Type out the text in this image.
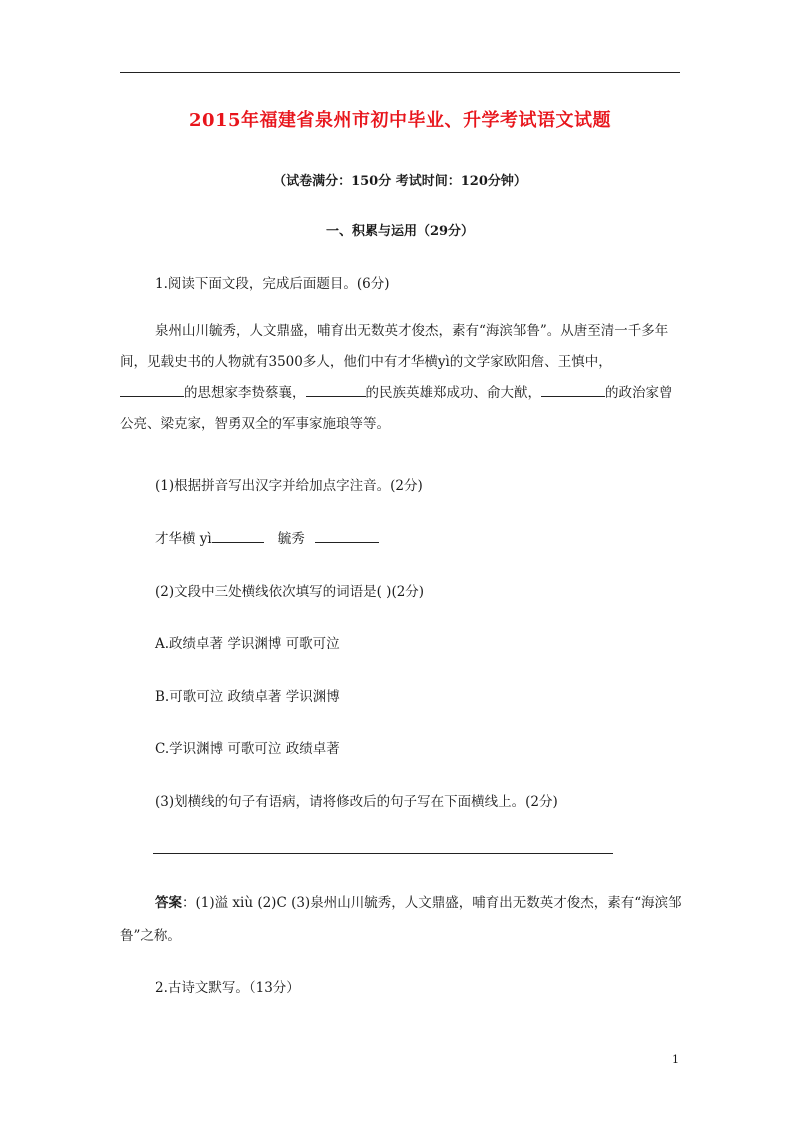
2015年福建省泉州市初中毕业、升学考试语文试题
（试卷满分：150分 考试时间：120分钟）
一、积累与运用（29分）
1.阅读下面文段，完成后面题目。(6分)
泉州山川毓秀，人文鼎盛，哺育出无数英才俊杰，素有“海滨邹鲁”。从唐至清一千多年间，见载史书的人物就有3500多人，他们中有才华横yì的文学家欧阳詹、王慎中，
的思想家李贽蔡襄，	的民族英雄郑成功、俞大猷，	的政治家曾公亮、梁克家，智勇双全的军事家施琅等等。
(1)根据拼音写出汉字并给加点字注音。(2分)
才华横 yì	毓秀
(2)文段中三处横线依次填写的词语是( )(2分)
A.政绩卓著 学识渊博 可歌可泣
B.可歌可泣 政绩卓著 学识渊博
C.学识渊博 可歌可泣 政绩卓著
(3)划横线的句子有语病，请将修改后的句子写在下面横线上。(2分)
答案：(1)溢 xiù (2)C (3)泉州山川毓秀，人文鼎盛，哺育出无数英才俊杰，素有“海滨邹鲁”之称。
2.古诗文默写。（13分）
1
